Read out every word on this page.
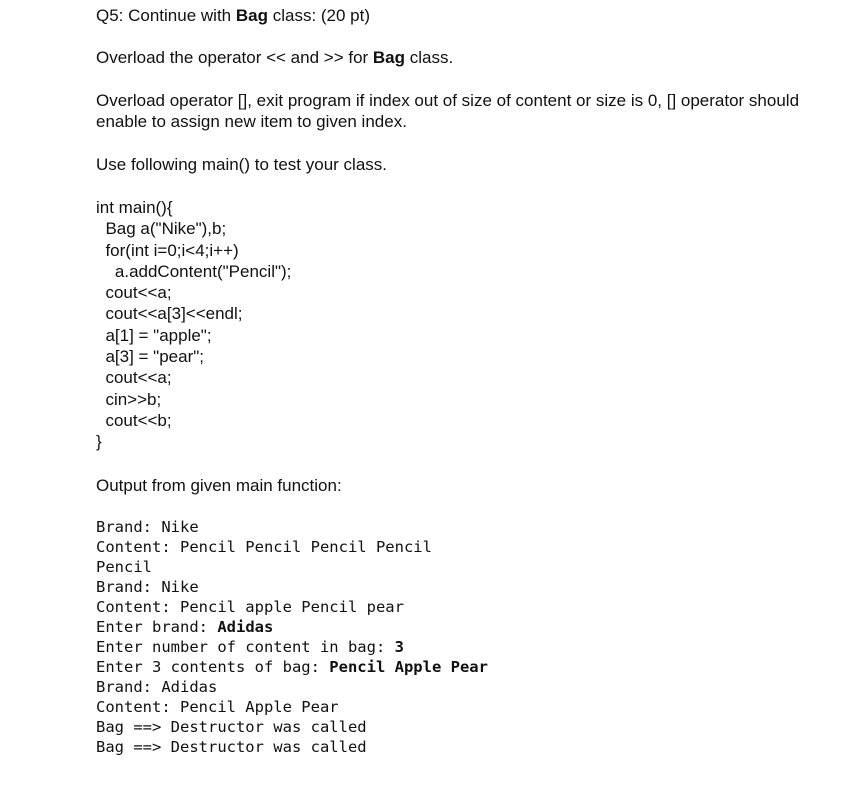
Q5: Continue with Bag class: (20 pt)
Overload the operator << and >> for Bag class.
Overload operator [], exit program if index out of size of content or size is 0, [] operator should enable to assign new item to given index.
Use following main() to test your class.
int main(){
Bag a("Nike"),b;
for(int i=0;i<4;i++)
a.addContent("Pencil");
cout<<a;
cout<<a[3]<<endl;
a[1] = "apple";
a[3] = "pear";
cout<<a;
cin>>b;
cout<<b;
}
Output from given main function:
Brand: Nike
Content: Pencil Pencil Pencil Pencil
Pencil
Brand: Nike
Content: Pencil apple Pencil pear
Enter brand: Adidas
Enter number of content in bag: 3
Enter 3 contents of bag: Pencil Apple Pear
Brand: Adidas
Content: Pencil Apple Pear
Bag ==> Destructor was called
Bag ==> Destructor was called
